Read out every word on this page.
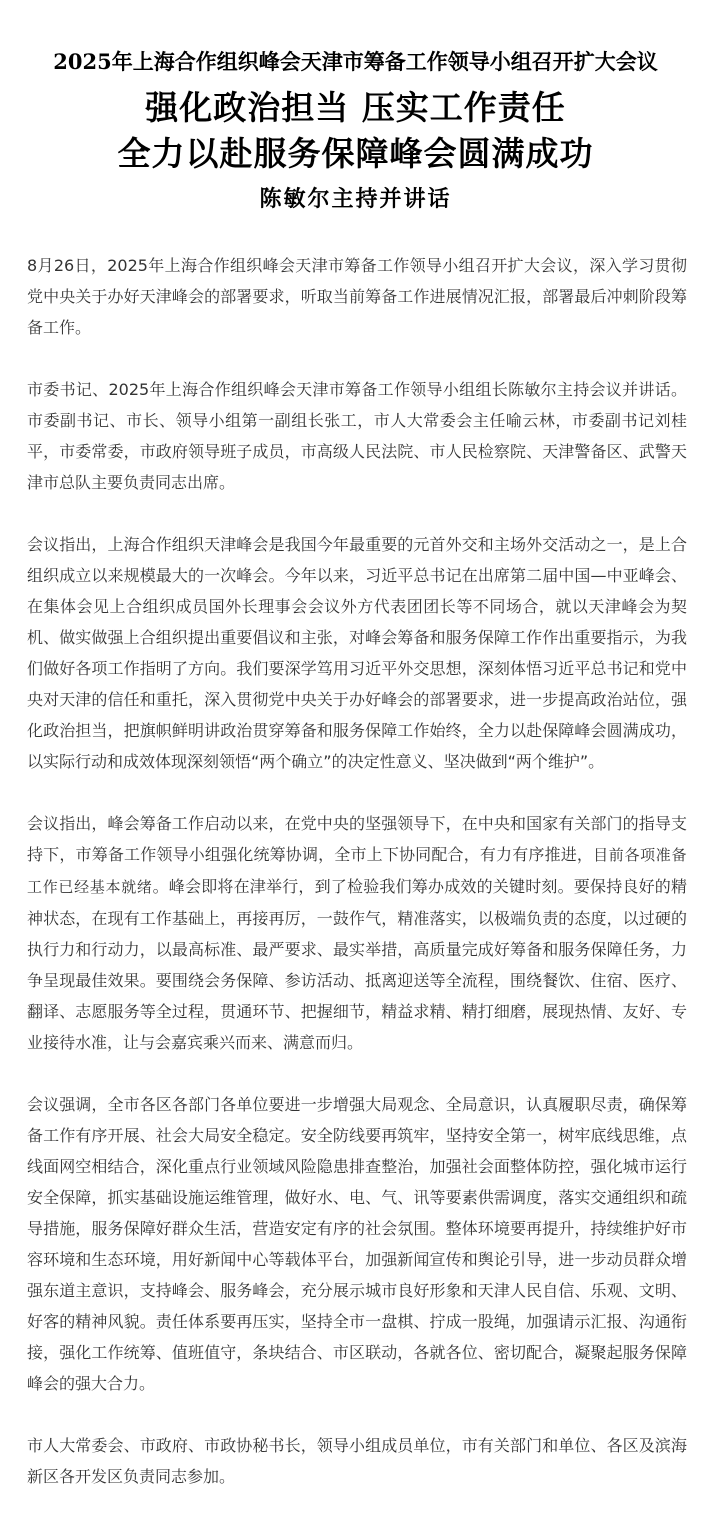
2025年上海合作组织峰会天津市筹备工作领导小组召开扩大会议
强化政治担当 压实工作责任
全力以赴服务保障峰会圆满成功
陈敏尔主持并讲话

8月26日，2025年上海合作组织峰会天津市筹备工作领导小组召开扩大会议，深入学习贯彻党中央关于办好天津峰会的部署要求，听取当前筹备工作进展情况汇报，部署最后冲刺阶段筹备工作。

市委书记、2025年上海合作组织峰会天津市筹备工作领导小组组长陈敏尔主持会议并讲话。市委副书记、市长、领导小组第一副组长张工，市人大常委会主任喻云林，市委副书记刘桂平，市委常委，市政府领导班子成员，市高级人民法院、市人民检察院、天津警备区、武警天津市总队主要负责同志出席。

会议指出，上海合作组织天津峰会是我国今年最重要的元首外交和主场外交活动之一，是上合组织成立以来规模最大的一次峰会。今年以来，习近平总书记在出席第二届中国—中亚峰会、在集体会见上合组织成员国外长理事会会议外方代表团团长等不同场合，就以天津峰会为契机、做实做强上合组织提出重要倡议和主张，对峰会筹备和服务保障工作作出重要指示，为我们做好各项工作指明了方向。我们要深学笃用习近平外交思想，深刻体悟习近平总书记和党中央对天津的信任和重托，深入贯彻党中央关于办好峰会的部署要求，进一步提高政治站位，强化政治担当，把旗帜鲜明讲政治贯穿筹备和服务保障工作始终，全力以赴保障峰会圆满成功，以实际行动和成效体现深刻领悟“两个确立”的决定性意义、坚决做到“两个维护”。

会议指出，峰会筹备工作启动以来，在党中央的坚强领导下，在中央和国家有关部门的指导支持下，市筹备工作领导小组强化统筹协调，全市上下协同配合，有力有序推进，目前各项准备工作已经基本就绪。峰会即将在津举行，到了检验我们筹办成效的关键时刻。要保持良好的精神状态，在现有工作基础上，再接再厉，一鼓作气，精准落实，以极端负责的态度，以过硬的执行力和行动力，以最高标准、最严要求、最实举措，高质量完成好筹备和服务保障任务，力争呈现最佳效果。要围绕会务保障、参访活动、抵离迎送等全流程，围绕餐饮、住宿、医疗、翻译、志愿服务等全过程，贯通环节、把握细节，精益求精、精打细磨，展现热情、友好、专业接待水准，让与会嘉宾乘兴而来、满意而归。

会议强调，全市各区各部门各单位要进一步增强大局观念、全局意识，认真履职尽责，确保筹备工作有序开展、社会大局安全稳定。安全防线要再筑牢，坚持安全第一，树牢底线思维，点线面网空相结合，深化重点行业领域风险隐患排查整治，加强社会面整体防控，强化城市运行安全保障，抓实基础设施运维管理，做好水、电、气、讯等要素供需调度，落实交通组织和疏导措施，服务保障好群众生活，营造安定有序的社会氛围。整体环境要再提升，持续维护好市容环境和生态环境，用好新闻中心等载体平台，加强新闻宣传和舆论引导，进一步动员群众增强东道主意识，支持峰会、服务峰会，充分展示城市良好形象和天津人民自信、乐观、文明、好客的精神风貌。责任体系要再压实，坚持全市一盘棋、拧成一股绳，加强请示汇报、沟通衔接，强化工作统筹、值班值守，条块结合、市区联动，各就各位、密切配合，凝聚起服务保障峰会的强大合力。

市人大常委会、市政府、市政协秘书长，领导小组成员单位，市有关部门和单位、各区及滨海新区各开发区负责同志参加。
